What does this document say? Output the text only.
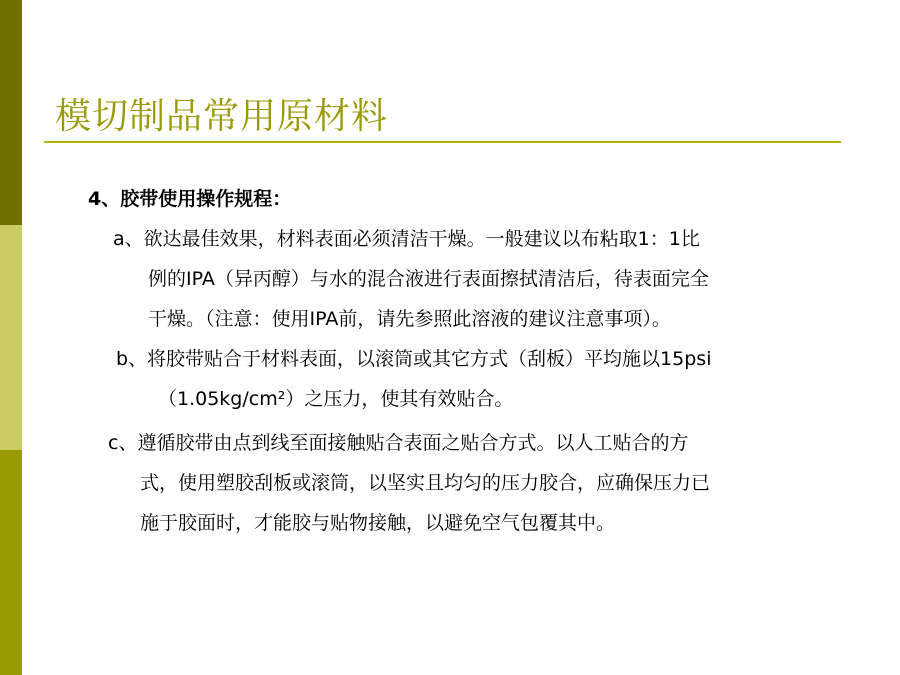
模切制品常用原材料
4、胶带使用操作规程：
a、欲达最佳效果，材料表面必须清洁干燥。一般建议以布粘取1：1比
例的IPA（异丙醇）与水的混合液进行表面擦拭清洁后，待表面完全
干燥。（注意：使用IPA前，请先参照此溶液的建议注意事项）。
b、将胶带贴合于材料表面，以滚筒或其它方式（刮板）平均施以15psi
（1.05kg/cm²）之压力，使其有效贴合。
c、遵循胶带由点到线至面接触贴合表面之贴合方式。以人工贴合的方
式，使用塑胶刮板或滚筒，以坚实且均匀的压力胶合，应确保压力已
施于胶面时，才能胶与贴物接触，以避免空气包覆其中。
